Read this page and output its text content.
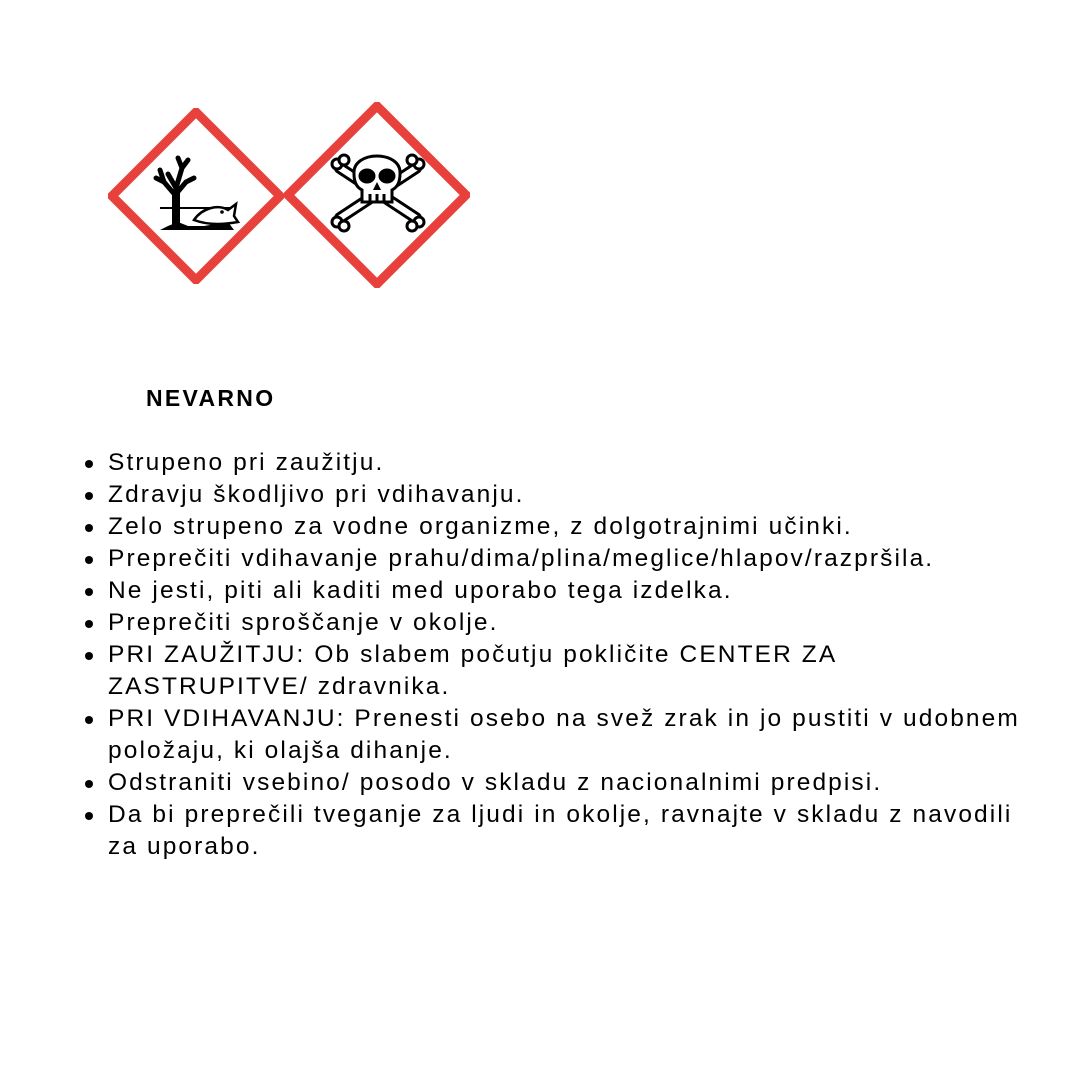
NEVARNO

Strupeno pri zaužitju.
Zdravju škodljivo pri vdihavanju.
Zelo strupeno za vodne organizme, z dolgotrajnimi učinki.
Preprečiti vdihavanje prahu/dima/plina/meglice/hlapov/razpršila.
Ne jesti, piti ali kaditi med uporabo tega izdelka.
Preprečiti sproščanje v okolje.
PRI ZAUŽITJU: Ob slabem počutju pokličite CENTER ZA ZASTRUPITVE/ zdravnika.
PRI VDIHAVANJU: Prenesti osebo na svež zrak in jo pustiti v udobnem položaju, ki olajša dihanje.
Odstraniti vsebino/ posodo v skladu z nacionalnimi predpisi.
Da bi preprečili tveganje za ljudi in okolje, ravnajte v skladu z navodili za uporabo.
